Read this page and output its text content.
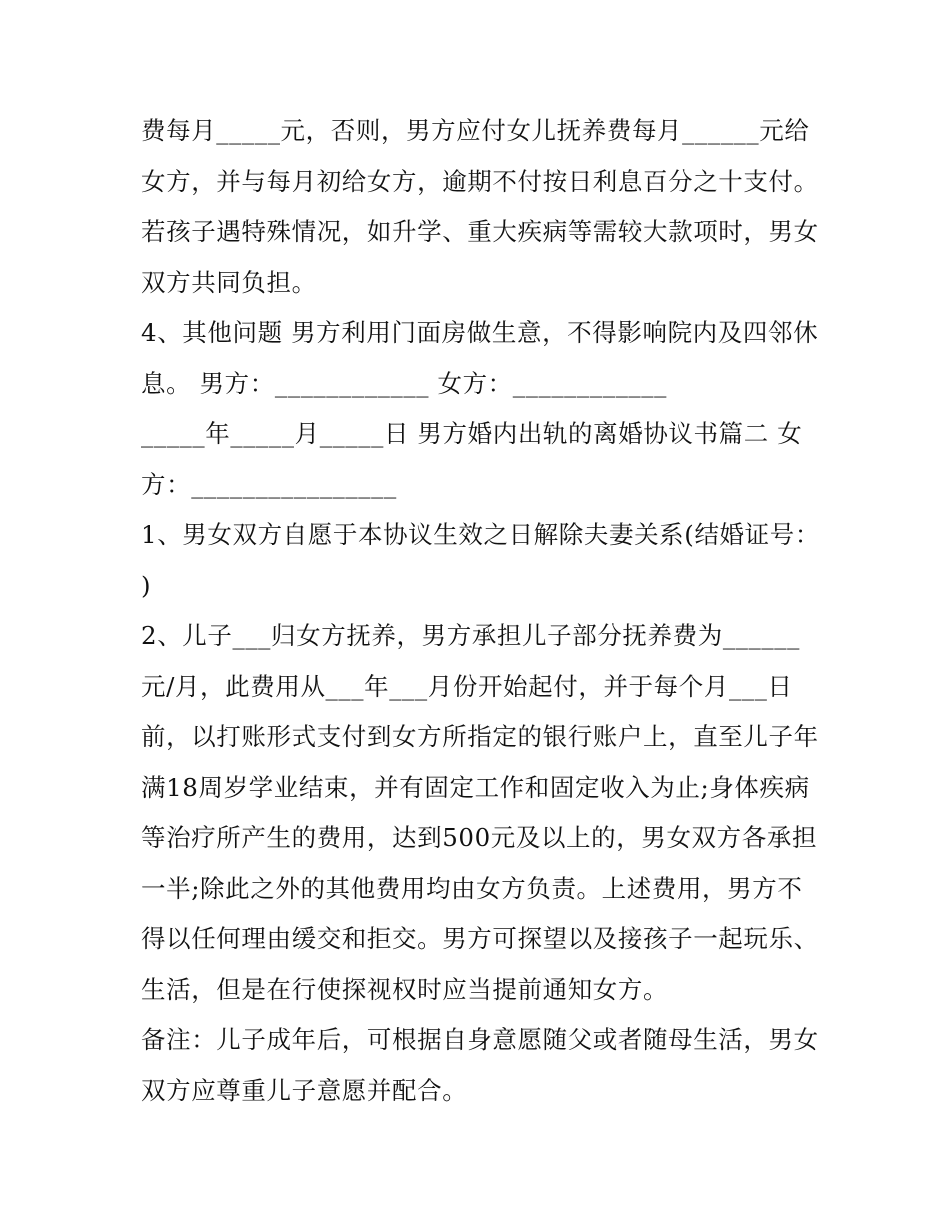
费每月_____元，否则，男方应付女儿抚养费每月______元给
女方，并与每月初给女方，逾期不付按日利息百分之十支付。
若孩子遇特殊情况，如升学、重大疾病等需较大款项时，男女
双方共同负担。
4、其他问题 男方利用门面房做生意，不得影响院内及四邻休
息。 男方：____________ 女方：____________
_____年_____月_____日 男方婚内出轨的离婚协议书篇二 女
方：________________
1、男女双方自愿于本协议生效之日解除夫妻关系(结婚证号：
)
2、儿子___归女方抚养，男方承担儿子部分抚养费为______
元/月，此费用从___年___月份开始起付，并于每个月___日
前，以打账形式支付到女方所指定的银行账户上，直至儿子年
满18周岁学业结束，并有固定工作和固定收入为止;身体疾病
等治疗所产生的费用，达到500元及以上的，男女双方各承担
一半;除此之外的其他费用均由女方负责。上述费用，男方不
得以任何理由缓交和拒交。男方可探望以及接孩子一起玩乐、
生活，但是在行使探视权时应当提前通知女方。
备注：儿子成年后，可根据自身意愿随父或者随母生活，男女
双方应尊重儿子意愿并配合。
